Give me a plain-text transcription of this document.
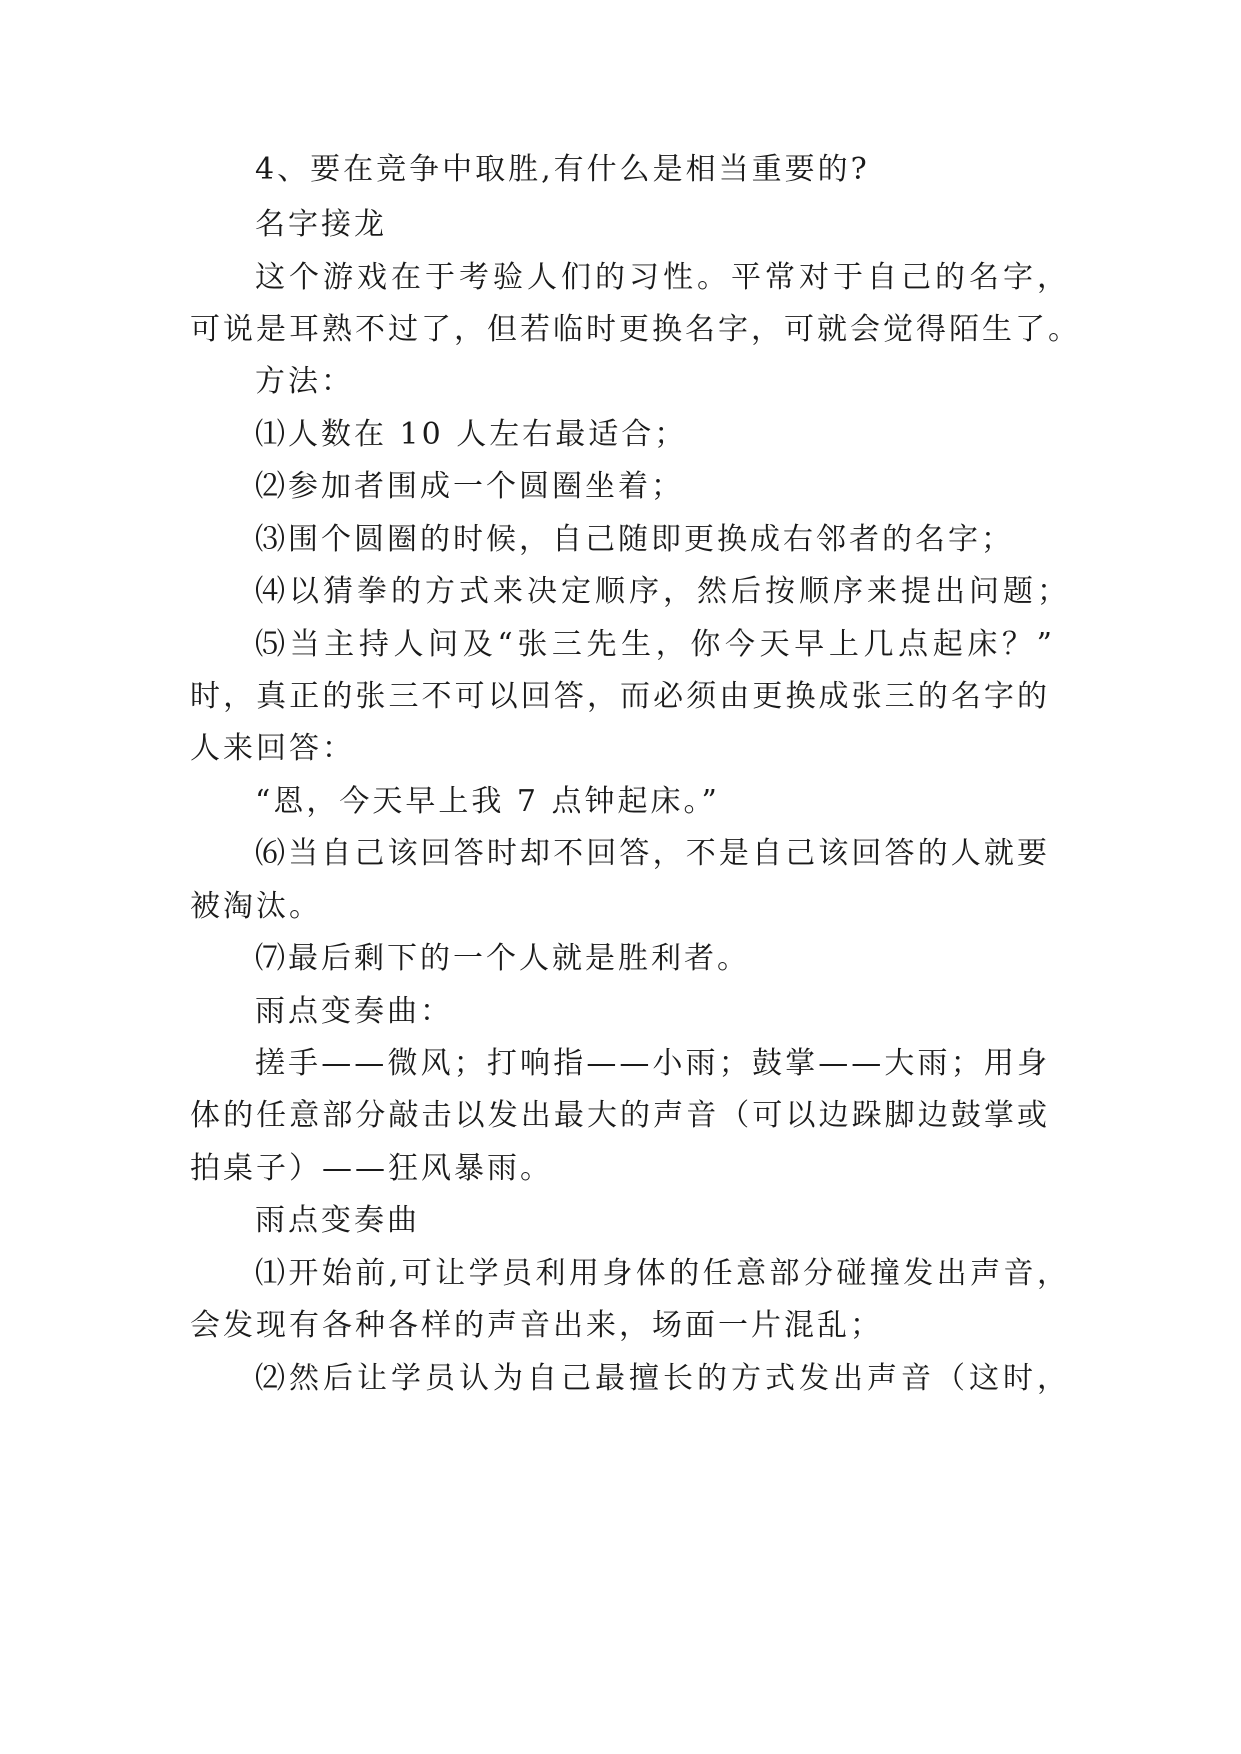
4、要在竞争中取胜,有什么是相当重要的?

名字接龙

这个游戏在于考验人们的习性。平常对于自己的名字，

可说是耳熟不过了，但若临时更换名字，可就会觉得陌生了。

方法：

⑴人数在 10 人左右最适合；

⑵参加者围成一个圆圈坐着；

⑶围个圆圈的时候，自己随即更换成右邻者的名字；

⑷以猜拳的方式来决定顺序，然后按顺序来提出问题；

⑸当主持人问及“张三先生，你今天早上几点起床？”

时，真正的张三不可以回答，而必须由更换成张三的名字的

人来回答：

“恩，今天早上我 7 点钟起床。”

⑹当自己该回答时却不回答，不是自己该回答的人就要

被淘汰。

⑺最后剩下的一个人就是胜利者。

雨点变奏曲：

搓手——微风；打响指——小雨；鼓掌——大雨；用身

体的任意部分敲击以发出最大的声音（可以边跺脚边鼓掌或

拍桌子）——狂风暴雨。

雨点变奏曲

⑴开始前,可让学员利用身体的任意部分碰撞发出声音，

会发现有各种各样的声音出来，场面一片混乱；

⑵然后让学员认为自己最擅长的方式发出声音（这时，
